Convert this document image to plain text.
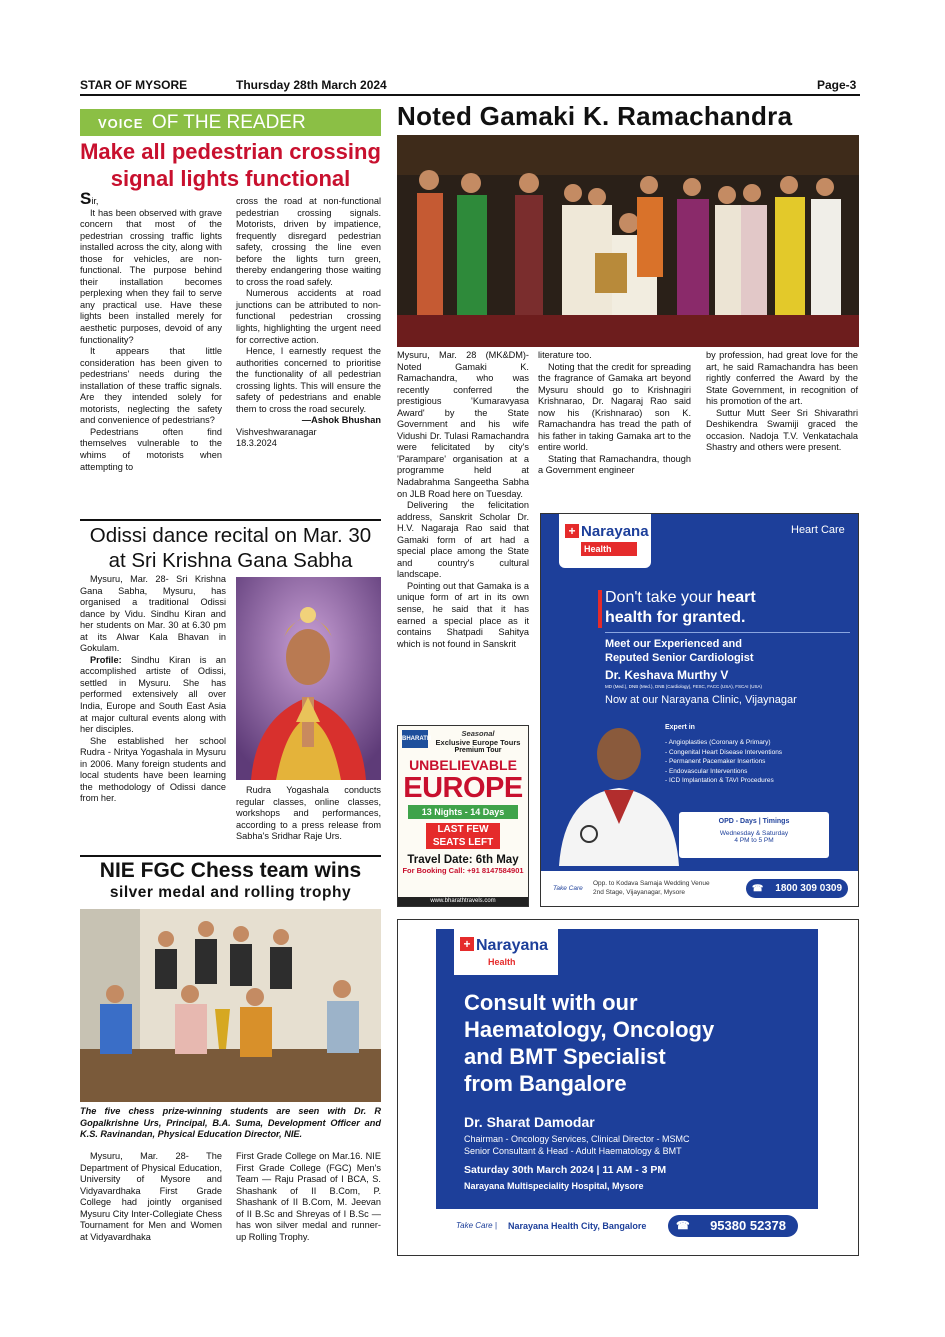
STAR OF MYSORE	Thursday 28th March 2024	Page-3
VOICE OF THE READER
Make all pedestrian crossing
signal lights functional

Sir,

It has been observed with grave concern that most of the pedestrian crossing traffic lights installed across the city, along with those for vehicles, are non-functional. The purpose behind their installation becomes perplexing when they fail to serve any practical use. Have these lights been installed merely for aesthetic purposes, devoid of any functionality?

It appears that little consideration has been given to pedestrians' needs during the installation of these traffic signals. Are they intended solely for motorists, neglecting the safety and convenience of pedestrians?

Pedestrians often find themselves vulnerable to the whims of motorists when attempting to

cross the road at non-functional pedestrian crossing signals. Motorists, driven by impatience, frequently disregard pedestrian safety, crossing the line even before the lights turn green, thereby endangering those waiting to cross the road safely.

Numerous accidents at road junctions can be attributed to non-functional pedestrian crossing lights, highlighting the urgent need for corrective action.

Hence, I earnestly request the authorities concerned to prioritise the functionality of all pedestrian crossing lights. This will ensure the safety of pedestrians and enable them to cross the road securely.

—Ashok Bhushan

Vishveshwaranagar

18.3.2024

Odissi dance recital on Mar. 30
at Sri Krishna Gana Sabha

Mysuru, Mar. 28- Sri Krishna Gana Sabha, Mysuru, has organised a traditional Odissi dance by Vidu. Sindhu Kiran and her students on Mar. 30 at 6.30 pm at its Alwar Kala Bhavan in Gokulam.

Profile: Sindhu Kiran is an accomplished artiste of Odissi, settled in Mysuru. She has performed extensively all over India, Europe and South East Asia at major cultural events along with her disciples.

She established her school Rudra - Nritya Yogashala in Mysuru in 2006. Many foreign students and local students have been learning the methodology of Odissi dance from her.

Rudra Yogashala conducts regular classes, online classes, workshops and performances, according to a press release from Sabha's Sridhar Raje Urs.

NIE FGC Chess team wins
silver medal and rolling trophy
The five chess prize-winning students are seen with Dr. R Gopalkrishne Urs, Principal, B.A. Suma, Development Officer and K.S. Ravinandan, Physical Education Director, NIE.

Mysuru, Mar. 28- The Department of Physical Education, University of Mysore and Vidyavardhaka First Grade College had jointly organised Mysuru City Inter-Collegiate Chess Tournament for Men and Women at Vidyavardhaka

First Grade College on Mar.16. NIE First Grade College (FGC) Men's Team — Raju Prasad of I BCA, S. Shashank of II B.Com, P. Shashank of II B.Com, M. Jeevan of II B.Sc and Shreyas of I B.Sc — has won silver medal and runner-up Rolling Trophy.

Noted Gamaki K. Ramachandra

Mysuru, Mar. 28 (MK&DM)- Noted Gamaki K. Ramachandra, who was recently conferred the prestigious 'Kumaravyasa Award' by the State Government and his wife Vidushi Dr. Tulasi Ramachandra were felicitated by city's 'Parampare' organisation at a programme held at Nadabrahma Sangeetha Sabha on JLB Road here on Tuesday.

Delivering the felicitation address, Sanskrit Scholar Dr. H.V. Nagaraja Rao said that Gamaki form of art had a special place among the State and country's cultural landscape.

Pointing out that Gamaka is a unique form of art in its own sense, he said that it has earned a special place as it contains Shatpadi Sahitya which is not found in Sanskrit

literature too.

Noting that the credit for spreading the fragrance of Gamaka art beyond Mysuru should go to Krishnagiri Krishnarao, Dr. Nagaraj Rao said now his (Krishnarao) son K. Ramachandra has tread the path of his father in taking Gamaka art to the entire world.

Stating that Ramachandra, though a Government engineer

by profession, had great love for the art, he said Ramachandra has been rightly conferred the Award by the State Government, in recognition of his promotion of the art.

Suttur Mutt Seer Sri Shivarathri Deshikendra Swamiji graced the occasion. Nadoja T.V. Venkatachala Shastry and others were present.

BHARATH
Seasonal
Exclusive Europe Tours
Premium Tour
UNBELIEVABLE
EUROPE
13 Nights - 14 Days
LAST FEW
SEATS LEFT
Travel Date: 6th May
For Booking Call: +91 8147584901
www.bharathtravels.com
+ Narayana
Health
Heart Care
Don't take your heart
health for granted.
Meet our Experienced and
Reputed Senior Cardiologist
Dr. Keshava Murthy V
MD (Med.), DNB (Med.), DNB (Cardiology), FESC, FACC (USA), FSCAI (USA)
Now at our Narayana Clinic, Vijaynagar
Expert in
- Angioplasties (Coronary & Primary)
- Congenital Heart Disease Interventions
- Permanent Pacemaker Insertions
- Endovascular Interventions
- ICD Implantation & TAVI Procedures
OPD - Days | Timings
Wednesday & Saturday
4 PM to 5 PM
Take Care
Opp. to Kodava Samaja Wedding Venue
2nd Stage, Vijayanagar, Mysore	☎ 1800 309 0309
+ Narayana
Health
Consult with our
Haematology, Oncology
and BMT Specialist
from Bangalore
Dr. Sharat Damodar
Chairman - Oncology Services, Clinical Director - MSMC
Senior Consultant & Head - Adult Haematology & BMT
Saturday 30th March 2024 | 11 AM - 3 PM
Narayana Multispeciality Hospital, Mysore
Take Care | Narayana Health City, Bangalore	☎ 95380 52378
